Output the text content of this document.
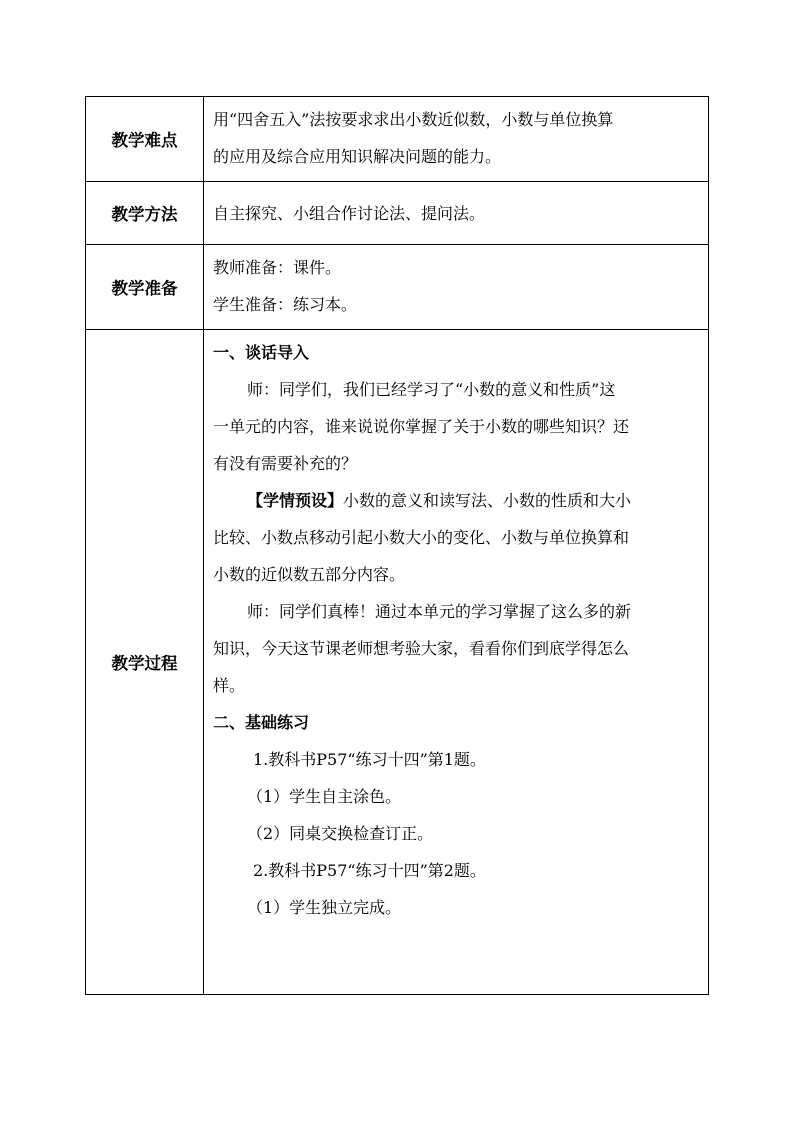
教学难点
用“四舍五入”法按要求求出小数近似数，小数与单位换算
的应用及综合应用知识解决问题的能力。
教学方法	自主探究、小组合作讨论法、提问法。
教学准备
教师准备：课件。
学生准备：练习本。
教学过程
一、谈话导入
师：同学们，我们已经学习了“小数的意义和性质”这
一单元的内容，谁来说说你掌握了关于小数的哪些知识？还
有没有需要补充的？
【学情预设】小数的意义和读写法、小数的性质和大小
比较、小数点移动引起小数大小的变化、小数与单位换算和
小数的近似数五部分内容。
师：同学们真棒！通过本单元的学习掌握了这么多的新
知识，今天这节课老师想考验大家，看看你们到底学得怎么
样。
二、基础练习
1.教科书P57“练习十四”第1题。
（1）学生自主涂色。
（2）同桌交换检查订正。
2.教科书P57“练习十四”第2题。
（1）学生独立完成。
